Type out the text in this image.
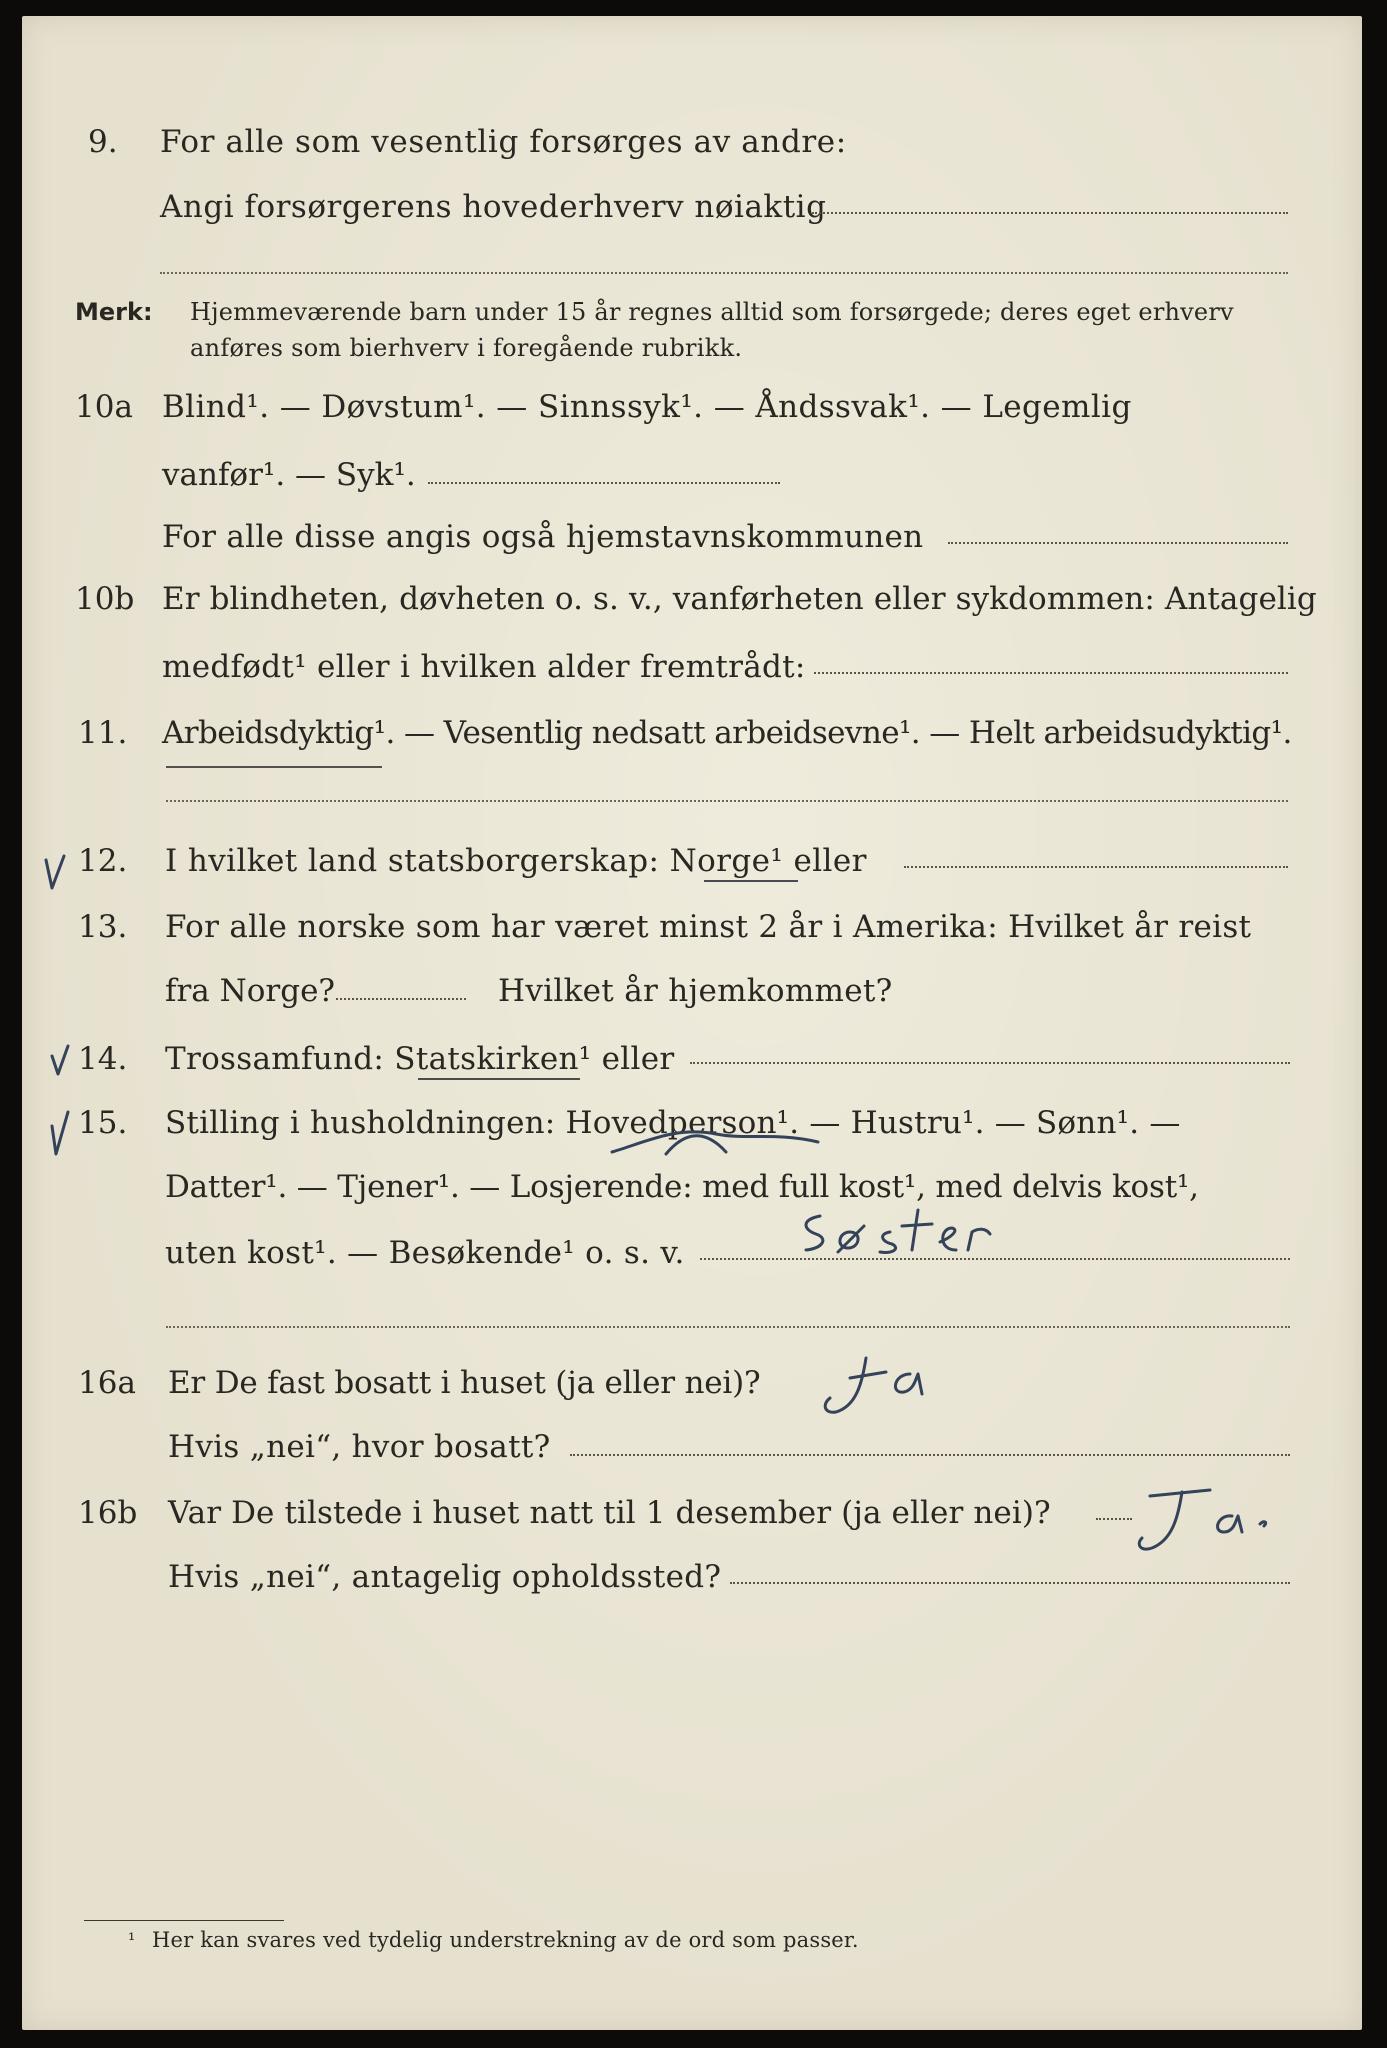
9. For alle som vesentlig forsørges av andre:
Angi forsørgerens hovederhverv nøiaktig
Merk: Hjemmeværende barn under 15 år regnes alltid som forsørgede; deres eget erhverv
anføres som bierhverv i foregående rubrikk.
10a Blind¹. — Døvstum¹. — Sinnssyk¹. — Åndssvak¹. — Legemlig
vanfør¹. — Syk¹.
For alle disse angis også hjemstavnskommunen
10b Er blindheten, døvheten o. s. v., vanførheten eller sykdommen: Antagelig
medfødt¹ eller i hvilken alder fremtrådt:
11. Arbeidsdyktig¹. — Vesentlig nedsatt arbeidsevne¹. — Helt arbeidsudyktig¹.
12. I hvilket land statsborgerskap: Norge¹ eller
13. For alle norske som har været minst 2 år i Amerika: Hvilket år reist
fra Norge?	Hvilket år hjemkommet?
14. Trossamfund: Statskirken¹ eller
15. Stilling i husholdningen: Hovedperson¹. — Hustru¹. — Sønn¹. —
Datter¹. — Tjener¹. — Losjerende: med full kost¹, med delvis kost¹,
uten kost¹. — Besøkende¹ o. s. v.
16a Er De fast bosatt i huset (ja eller nei)?
Hvis „nei“, hvor bosatt?
16b Var De tilstede i huset natt til 1 desember (ja eller nei)?
Hvis „nei“, antagelig opholdssted?
¹ Her kan svares ved tydelig understrekning av de ord som passer.
